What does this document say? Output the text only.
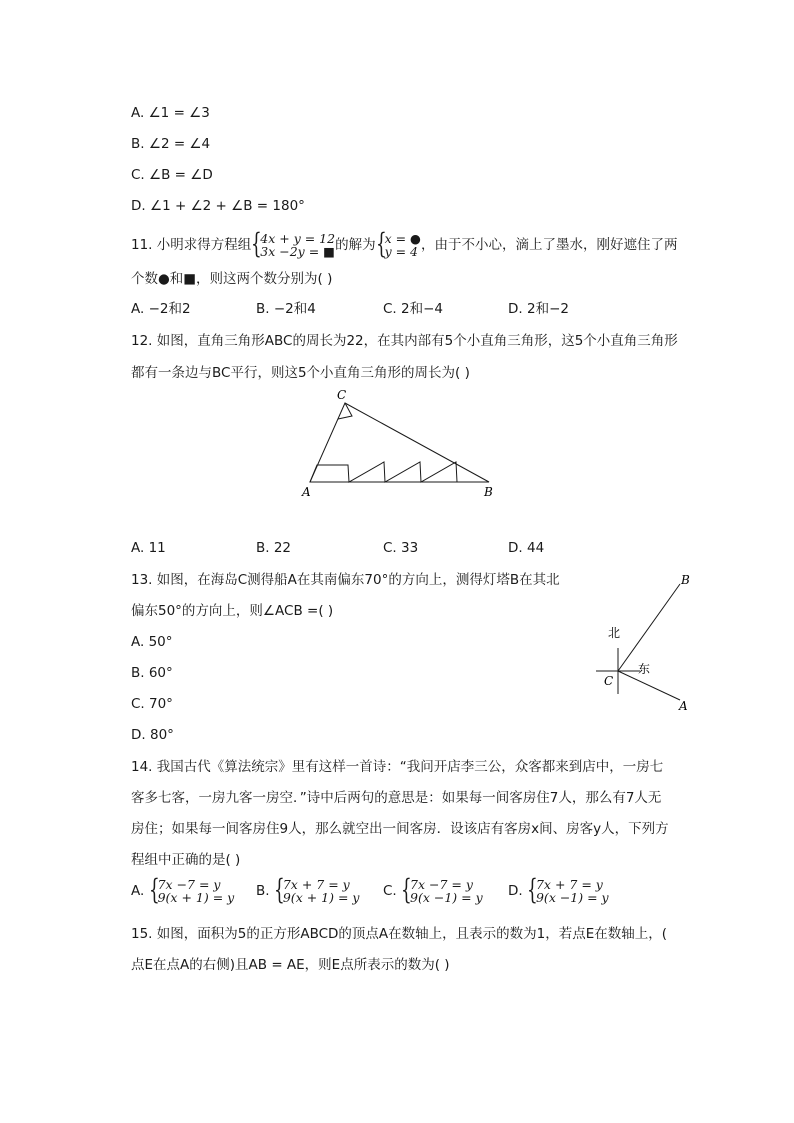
A. ∠1 = ∠3
B. ∠2 = ∠4
C. ∠B = ∠D
D. ∠1 + ∠2 + ∠B = 180°
11. 小明求得方程组 {
4x + y = 12
3x −2y = ■ 的解为 {
x = ●
y = 4 ，由于不小心，滴上了墨水，刚好遮住了两
个数●和■，则这两个数分别为( )
A. −2和2	B. −2和4	C. 2和−4	D. 2和−2
12. 如图，直角三角形ABC的周长为22，在其内部有5个小直角三角形，这5个小直角三角形
都有一条边与BC平行，则这5个小直角三角形的周长为( )
C
A	B
A. 11	B. 22	C. 33	D. 44
13. 如图，在海岛C测得船A在其南偏东70°的方向上，测得灯塔B在其北
偏东50°的方向上，则∠ACB =( )
A. 50°
B. 60°
C. 70°
D. 80°
北
东
C
A
B
14. 我国古代《算法统宗》里有这样一首诗：“我问开店李三公，众客都来到店中，一房七
客多七客，一房九客一房空．”诗中后两句的意思是：如果每一间客房住7人，那么有7人无
房住；如果每一间客房住9人，那么就空出一间客房．设该店有客房x间、房客y人，下列方
程组中正确的是( )
A. {
7x −7 = y
9(x + 1) = y B. {
7x + 7 = y
9(x + 1) = y C. {
7x −7 = y
9(x −1) = y D. {
7x + 7 = y
9(x −1) = y
15. 如图，面积为5的正方形ABCD的顶点A在数轴上，且表示的数为1，若点E在数轴上，(
点E在点A的右侧)且AB = AE，则E点所表示的数为( )
